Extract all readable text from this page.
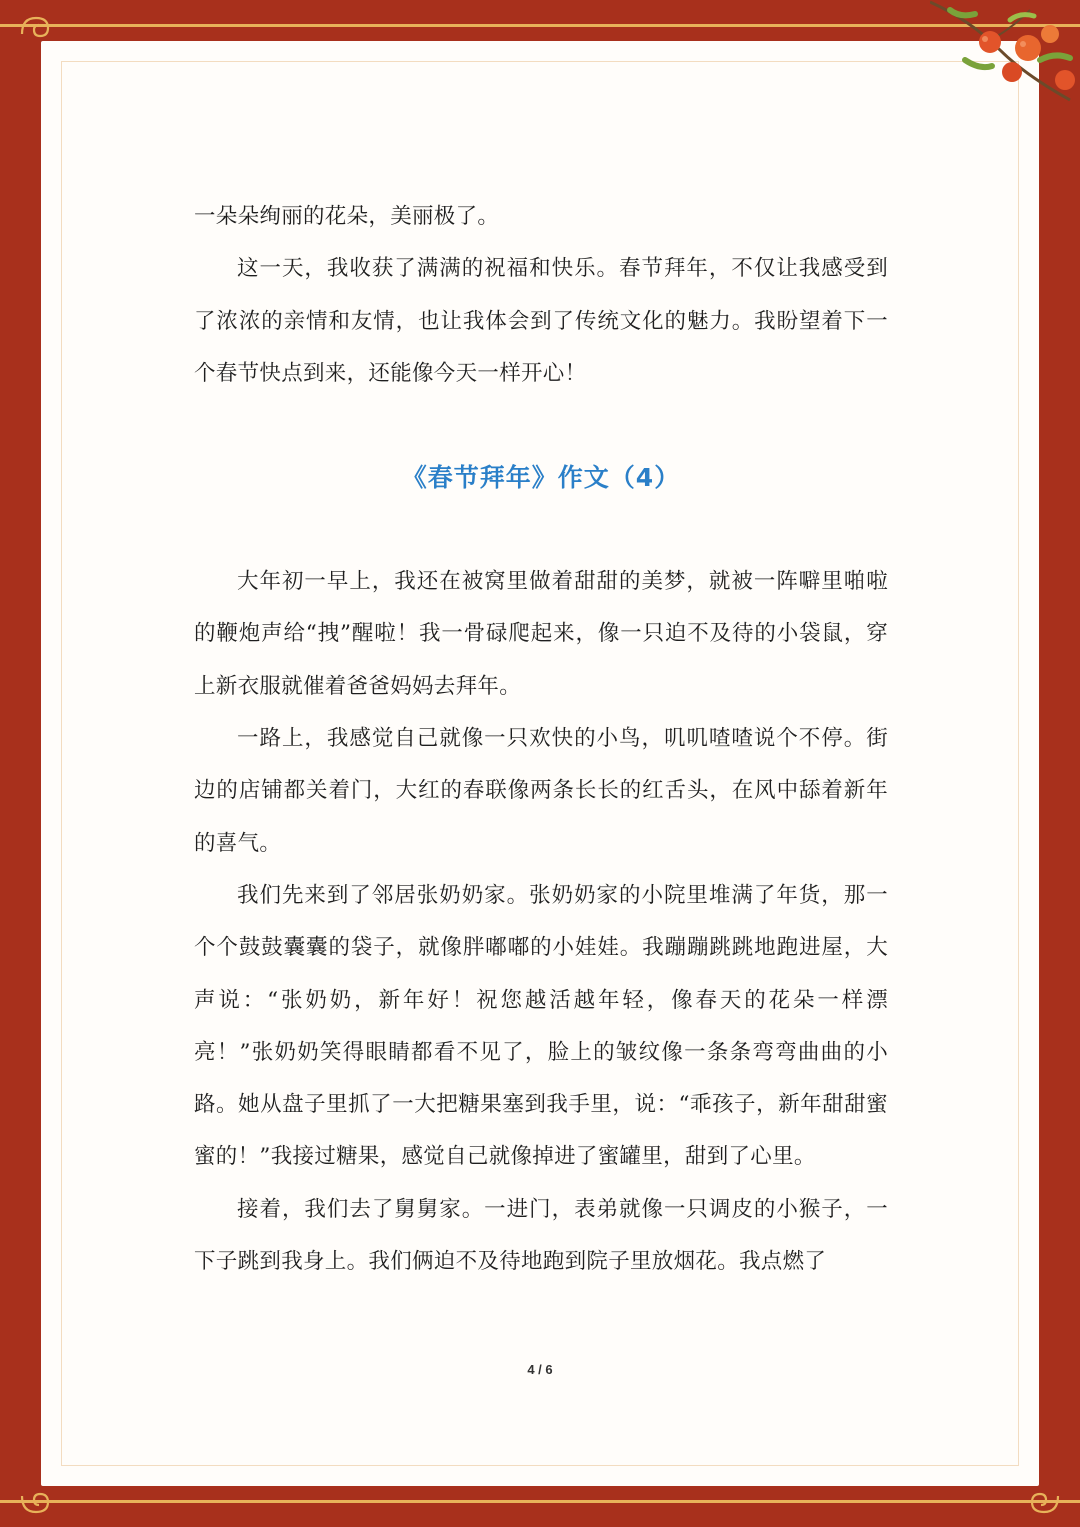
一朵朵绚丽的花朵，美丽极了。

这一天，我收获了满满的祝福和快乐。春节拜年，不仅让我感受到了浓浓的亲情和友情，也让我体会到了传统文化的魅力。我盼望着下一个春节快点到来，还能像今天一样开心！

《春节拜年》作文（4）

大年初一早上，我还在被窝里做着甜甜的美梦，就被一阵噼里啪啦的鞭炮声给“拽”醒啦！我一骨碌爬起来，像一只迫不及待的小袋鼠，穿上新衣服就催着爸爸妈妈去拜年。

一路上，我感觉自己就像一只欢快的小鸟，叽叽喳喳说个不停。街边的店铺都关着门，大红的春联像两条长长的红舌头，在风中舔着新年的喜气。

我们先来到了邻居张奶奶家。张奶奶家的小院里堆满了年货，那一个个鼓鼓囊囊的袋子，就像胖嘟嘟的小娃娃。我蹦蹦跳跳地跑进屋，大声说：“张奶奶，新年好！祝您越活越年轻，像春天的花朵一样漂亮！”张奶奶笑得眼睛都看不见了，脸上的皱纹像一条条弯弯曲曲的小路。她从盘子里抓了一大把糖果塞到我手里，说：“乖孩子，新年甜甜蜜蜜的！”我接过糖果，感觉自己就像掉进了蜜罐里，甜到了心里。

接着，我们去了舅舅家。一进门，表弟就像一只调皮的小猴子，一下子跳到我身上。我们俩迫不及待地跑到院子里放烟花。我点燃了

4 / 6
